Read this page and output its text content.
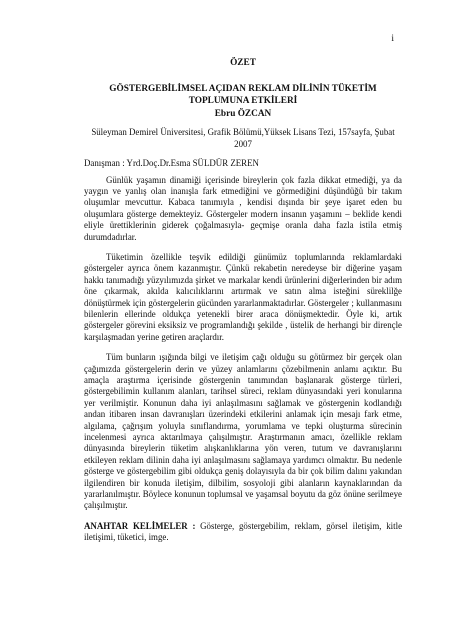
i
ÖZET
GÖSTERGEBİLİMSEL AÇIDAN REKLAM DİLİNİN TÜKETİM TOPLUMUNA ETKİLERİ
Ebru ÖZCAN
Süleyman Demirel Üniversitesi, Grafik Bölümü,Yüksek Lisans Tezi, 157sayfa, Şubat 2007
Danışman : Yrd.Doç.Dr.Esma SÜLDÜR ZEREN

Günlük yaşamın dinamiği içerisinde bireylerin çok fazla dikkat etmediği, ya da yaygın ve yanlış olan inanışla fark etmediğini ve görmediğini düşündüğü bir takım oluşumlar mevcuttur. Kabaca tanımıyla , kendisi dışında bir şeye işaret eden bu oluşumlara gösterge demekteyiz. Göstergeler modern insanın yaşamını – beklide kendi eliyle ürettiklerinin giderek çoğalmasıyla- geçmişe oranla daha fazla istila etmiş durumdadırlar.

Tüketimin özellikle teşvik edildiği günümüz toplumlarında reklamlardaki göstergeler ayrıca önem kazanmıştır. Çünkü rekabetin neredeyse bir diğerine yaşam hakkı tanımadığı yüzyılımızda şirket ve markalar kendi ürünlerini diğerlerinden bir adım öne çıkarmak, akılda kalıcılıklarını artırmak ve satın alma isteğini süreklilğe dönüştürmek için göstergelerin gücünden yararlanmaktadırlar. Göstergeler ; kullanmasını bilenlerin ellerinde oldukça yetenekli birer araca dönüşmektedir. Öyle ki, artık göstergeler görevini eksiksiz ve programlandığı şekilde , üstelik de herhangi bir dirençle karşılaşmadan yerine getiren araçlardır.

Tüm bunların ışığında bilgi ve iletişim çağı olduğu su götürmez bir gerçek olan çağımızda göstergelerin derin ve yüzey anlamlarını çözebilmenin anlamı açıktır. Bu amaçla araştırma içerisinde göstergenin tanımından başlanarak gösterge türleri, göstergebilimin kullanım alanları, tarihsel süreci, reklam dünyasındaki yeri konularına yer verilmiştir. Konunun daha iyi anlaşılmasını sağlamak ve göstergenin kodlandığı andan itibaren insan davranışları üzerindeki etkilerini anlamak için mesajı fark etme, algılama, çağrışım yoluyla sınıflandırma, yorumlama ve tepki oluşturma sürecinin incelenmesi ayrıca aktarılmaya çalışılmıştır. Araştırmanın amacı, özellikle reklam dünyasında bireylerin tüketim alışkanlıklarına yön veren, tutum ve davranışlarını etkileyen reklam dilinin daha iyi anlaşılmasını sağlamaya yardımcı olmaktır. Bu nedenle gösterge ve göstergebilim gibi oldukça geniş dolayısıyla da bir çok bilim dalını yakından ilgilendiren bir konuda iletişim, dilbilim, sosyoloji gibi alanların kaynaklarından da yararlanılmıştır. Böylece konunun toplumsal ve yaşamsal boyutu da göz önüne serilmeye çalışılmıştır.

ANAHTAR KELİMELER : Gösterge, göstergebilim, reklam, görsel iletişim, kitle iletişimi, tüketici, imge.
